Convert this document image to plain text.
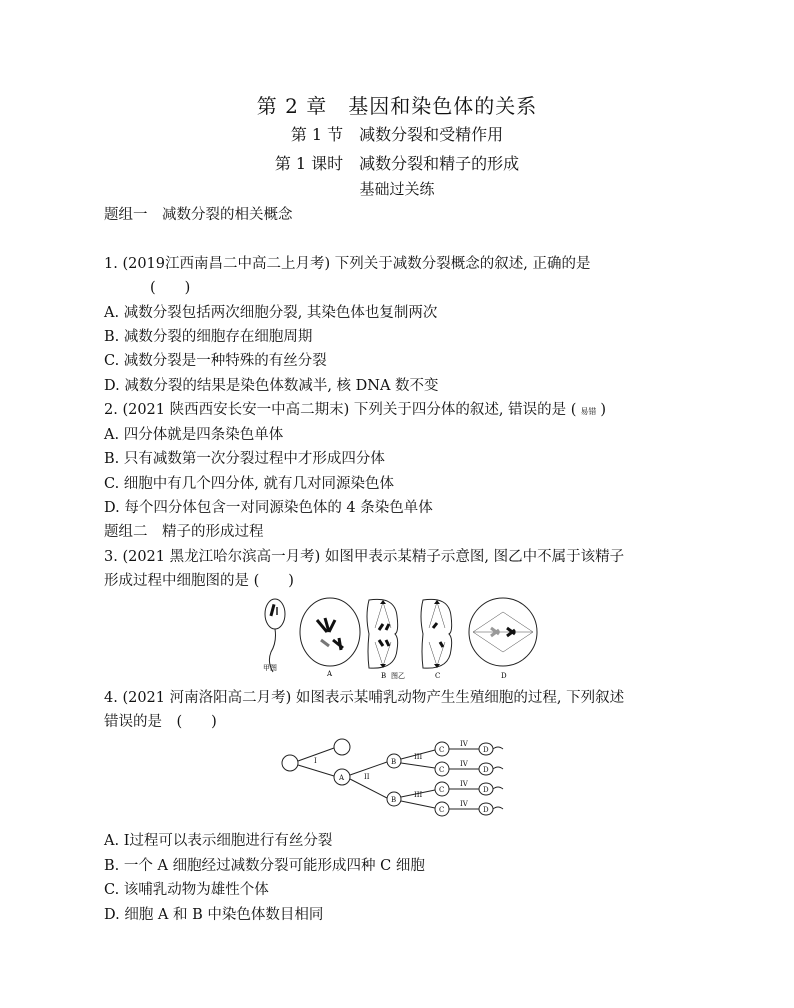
第 2 章　基因和染色体的关系
第 1 节　减数分裂和受精作用
第 1 课时　减数分裂和精子的形成
基础过关练
题组一　减数分裂的相关概念
1. (2019江西南昌二中高二上月考) 下列关于减数分裂概念的叙述, 正确的是
(　　)
A. 减数分裂包括两次细胞分裂, 其染色体也复制两次
B. 减数分裂的细胞存在细胞周期
C. 减数分裂是一种特殊的有丝分裂
D. 减数分裂的结果是染色体数减半, 核 DNA 数不变
2. (2021 陕西西安长安一中高二期末) 下列关于四分体的叙述, 错误的是 ( 易错 )
A. 四分体就是四条染色单体
B. 只有减数第一次分裂过程中才形成四分体
C. 细胞中有几个四分体, 就有几对同源染色体
D. 每个四分体包含一对同源染色体的 4 条染色单体
题组二　精子的形成过程
3. (2021 黑龙江哈尔滨高一月考) 如图甲表示某精子示意图, 图乙中不属于该精子
形成过程中细胞图的是 (　　)
甲图
A	B	C	D
图乙
4. (2021 河南洛阳高二月考) 如图表示某哺乳动物产生生殖细胞的过程, 下列叙述
错误的是　(　　)
A
B
B
C
C
C
C
D
D
D
D
I
II
III
III
IV
IV
IV
IV
A. Ⅰ过程可以表示细胞进行有丝分裂
B. 一个 A 细胞经过减数分裂可能形成四种 C 细胞
C. 该哺乳动物为雄性个体
D. 细胞 A 和 B 中染色体数目相同
